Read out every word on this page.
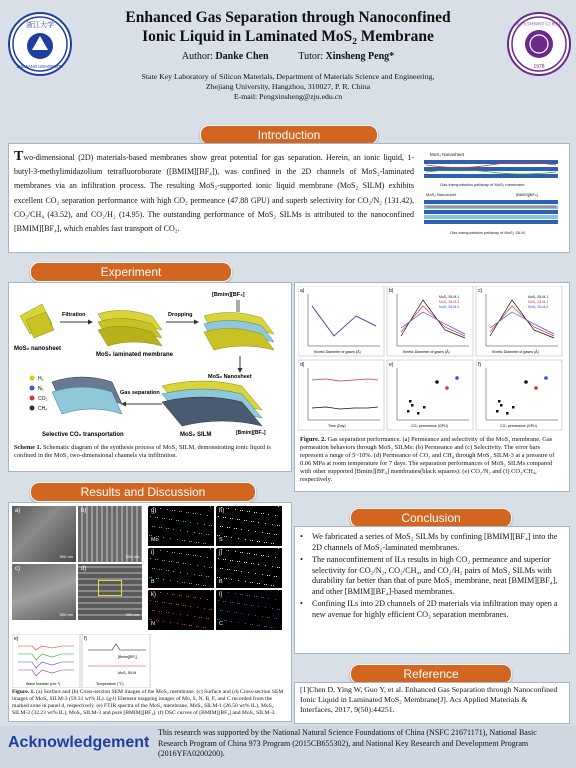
浙江大学
ZHEJIANG UNIVERSITY
浙江大学材料科学与工程学院
1978
Enhanced Gas Separation through Nanoconfined
Ionic Liquid in Laminated MoS₂ Membrane
Author: Danke Chen	Tutor: Xinsheng Peng*
State Key Laboratory of Silicon Materials, Department of Materials Science and Engineering,
Zhejiang University, Hangzhou, 310027, P. R. China
E-mail: Pengxinsheng@zju.edu.cn
Introduction
Two-dimensional (2D) materials-based membranes show great potential for gas separation. Herein, an ionic liquid, 1-butyl-3-methylimidazolium tetrafluoroborate ([BMIM][BF₄]), was confined in the 2D channels of MoS₂-laminated membranes via an infiltration process. The resulting MoS₂-supported ionic liquid membrane (MoS₂ SILM) exhibits excellent CO₂ separation performance with high CO₂ permeance (47.88 GPU) and superb selectivity for CO₂/N₂ (131.42), CO₂/CH₄ (43.52), and CO₂/H₂ (14.95). The outstanding performance of MoS₂ SILMs is attributed to the nanoconfined [BMIM][BF₄], which enables fast transport of CO₂.
MoS₂ Nanosheet
Gas transportation pathway of MoS₂ membrane
MoS₂ Nanosheet	[BMIM][BF₄]
Gas transportation pathway of MoS₂ SILM
Experiment
MoS₂ nanosheet
Filtration
MoS₂ laminated membrane
Dropping
[Bmim][BF₄]
MoS₂ Nanosheet
MoS₂ SILM	[Bmim][BF₄]
Gas separation
H₂
N₂
CO₂
CH₄
Selective CO₂ transportation
Scheme 1. Schematic diagram of the synthesis process of MoS₂ SILM, demonstrating ionic liquid is confined in the MoS₂ two-dimensional channels via infiltration.
a)
Kinetic Diameter of gases (Å)
b)
Kinetic Diameter of gases (Å)
MoS₂ SILM-1
MoS₂ SILM-2
MoS₂ SILM-3
c)
Kinetic Diameter of gases (Å)
MoS₂ SILM-1
MoS₂ SILM-2
MoS₂ SILM-3
d)
Time (Day)
e)
CO₂ permeance (GPU)
f)
CO₂ permeance (GPU)
Figure. 2. Gas separation performance. (a) Permeance and selectivity of the MoS₂ membrane. Gas permeation behaviors through MoS₂ SILMs: (b) Permeance and (c) Selectivity. The error bars represent a range of 5~10%. (d) Permeance of CO₂ and CH₄ through MoS₂ SILM-3 at a pressure of 0.06 MPa at room temperature for 7 days. The separation performances of MoS₂ SILMs compared with other supported [Bmim][BF₄] membranes(black squares): (e) CO₂/N₂ and (f) CO₂/CH₄, respectively.
Results and Discussion
a)
500 nm
b)
500 nm
c)
500 nm
d)
500 nm
g)
Mo
h)
S
i)
B
j)
B
k)
N
l)
C
e)
Wave Number (cm⁻¹)
f)
[Bmim][BF₄]
MoS₂ SILM
Temperature (°C)
Figure. 1. (a) Surface and (b) Cross-section SEM images of the MoS₂ membrane. (c) Surface and (d) Cross-section SEM images of MoS₂ SILM-3 (59.31 wt% IL). (g-l) Element mapping images of Mo, S, N, B, F, and C recorded from the marked zone in panel d, respectively. (e) FTIR spectra of the MoS₂ membrane, MoS₂ SILM-1 (26.50 wt% IL), MoS₂ SILM-2 (32.23 wt% IL), MoS₂ SILM-3 and pure [BMIM][BF₄]. (f) DSC curves of [BMIM][BF₄] and MoS₂ SILM-3.
Conclusion
•	We fabricated a series of MoS₂ SILMs by confining [BMIM][BF₄] into the 2D channels of MoS₂-laminated membranes.
•	The nanoconfinement of ILs results in high CO₂ permeance and superior selectivity for CO₂/N₂, CO₂/CH₄, and CO₂/H₂ pairs of MoS₂ SILMs with durability far better than that of pure MoS₂ membrane, neat [BMIM][BF₄], and other [BMIM][BF₄]-based membranes.
•	Confining ILs into 2D channels of 2D materials via infiltration may open a new avenue for highly efficient CO₂ separation membranes.
Reference
[1]Chen D, Ying W, Guo Y, et al. Enhanced Gas Separation through Nanoconfined Ionic Liquid in Laminated MoS₂ Membrane[J]. Acs Applied Materials & Interfaces, 2017, 9(50):44251.
Acknowledgement
This research was supported by the National Natural Science Foundations of China (NSFC 21671171), National Basic Research Program of China 973 Program (2015CB655302), and National Key Research and Development Program (2016YFA0200200).
